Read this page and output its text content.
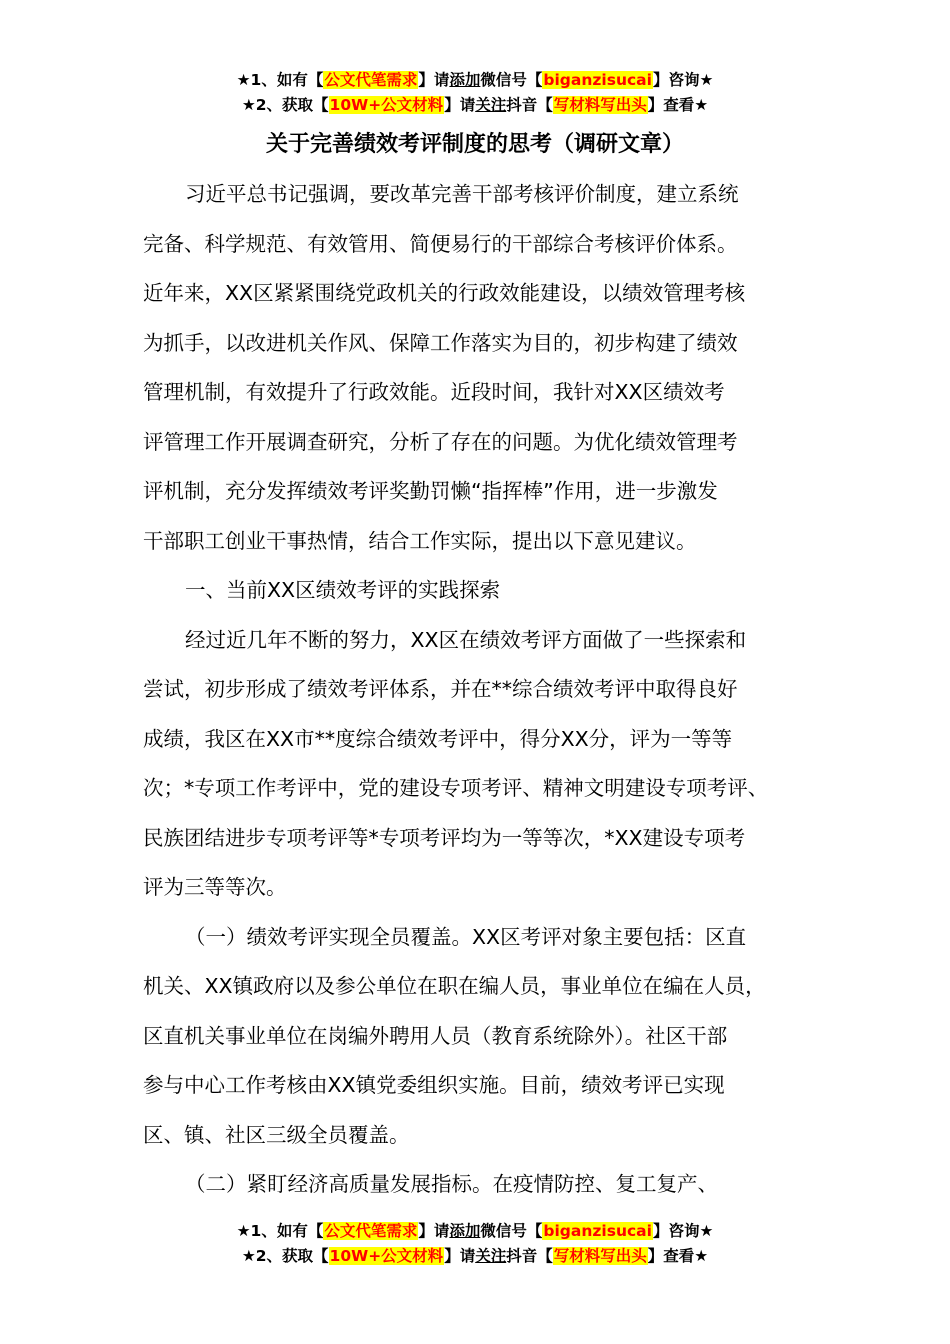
★1、如有【公文代笔需求】请添加微信号【biganzisucai】咨询★
★2、获取【10W+公文材料】请关注抖音【写材料写出头】查看★
关于完善绩效考评制度的思考（调研文章）
习近平总书记强调，要改革完善干部考核评价制度，建立系统
完备、科学规范、有效管用、简便易行的干部综合考核评价体系。
近年来，XX区紧紧围绕党政机关的行政效能建设，以绩效管理考核
为抓手，以改进机关作风、保障工作落实为目的，初步构建了绩效
管理机制，有效提升了行政效能。近段时间，我针对XX区绩效考
评管理工作开展调查研究，分析了存在的问题。为优化绩效管理考
评机制，充分发挥绩效考评奖勤罚懒“指挥棒”作用，进一步激发
干部职工创业干事热情，结合工作实际，提出以下意见建议。
一、当前XX区绩效考评的实践探索
经过近几年不断的努力，XX区在绩效考评方面做了一些探索和
尝试，初步形成了绩效考评体系，并在**综合绩效考评中取得良好
成绩，我区在XX市**度综合绩效考评中，得分XX分，评为一等等
次；*专项工作考评中，党的建设专项考评、精神文明建设专项考评、
民族团结进步专项考评等*专项考评均为一等等次，*XX建设专项考
评为三等等次。
（一）绩效考评实现全员覆盖。XX区考评对象主要包括：区直
机关、XX镇政府以及参公单位在职在编人员，事业单位在编在人员，
区直机关事业单位在岗编外聘用人员（教育系统除外）。社区干部
参与中心工作考核由XX镇党委组织实施。目前，绩效考评已实现
区、镇、社区三级全员覆盖。
（二）紧盯经济高质量发展指标。在疫情防控、复工复产、
★1、如有【公文代笔需求】请添加微信号【biganzisucai】咨询★
★2、获取【10W+公文材料】请关注抖音【写材料写出头】查看★
